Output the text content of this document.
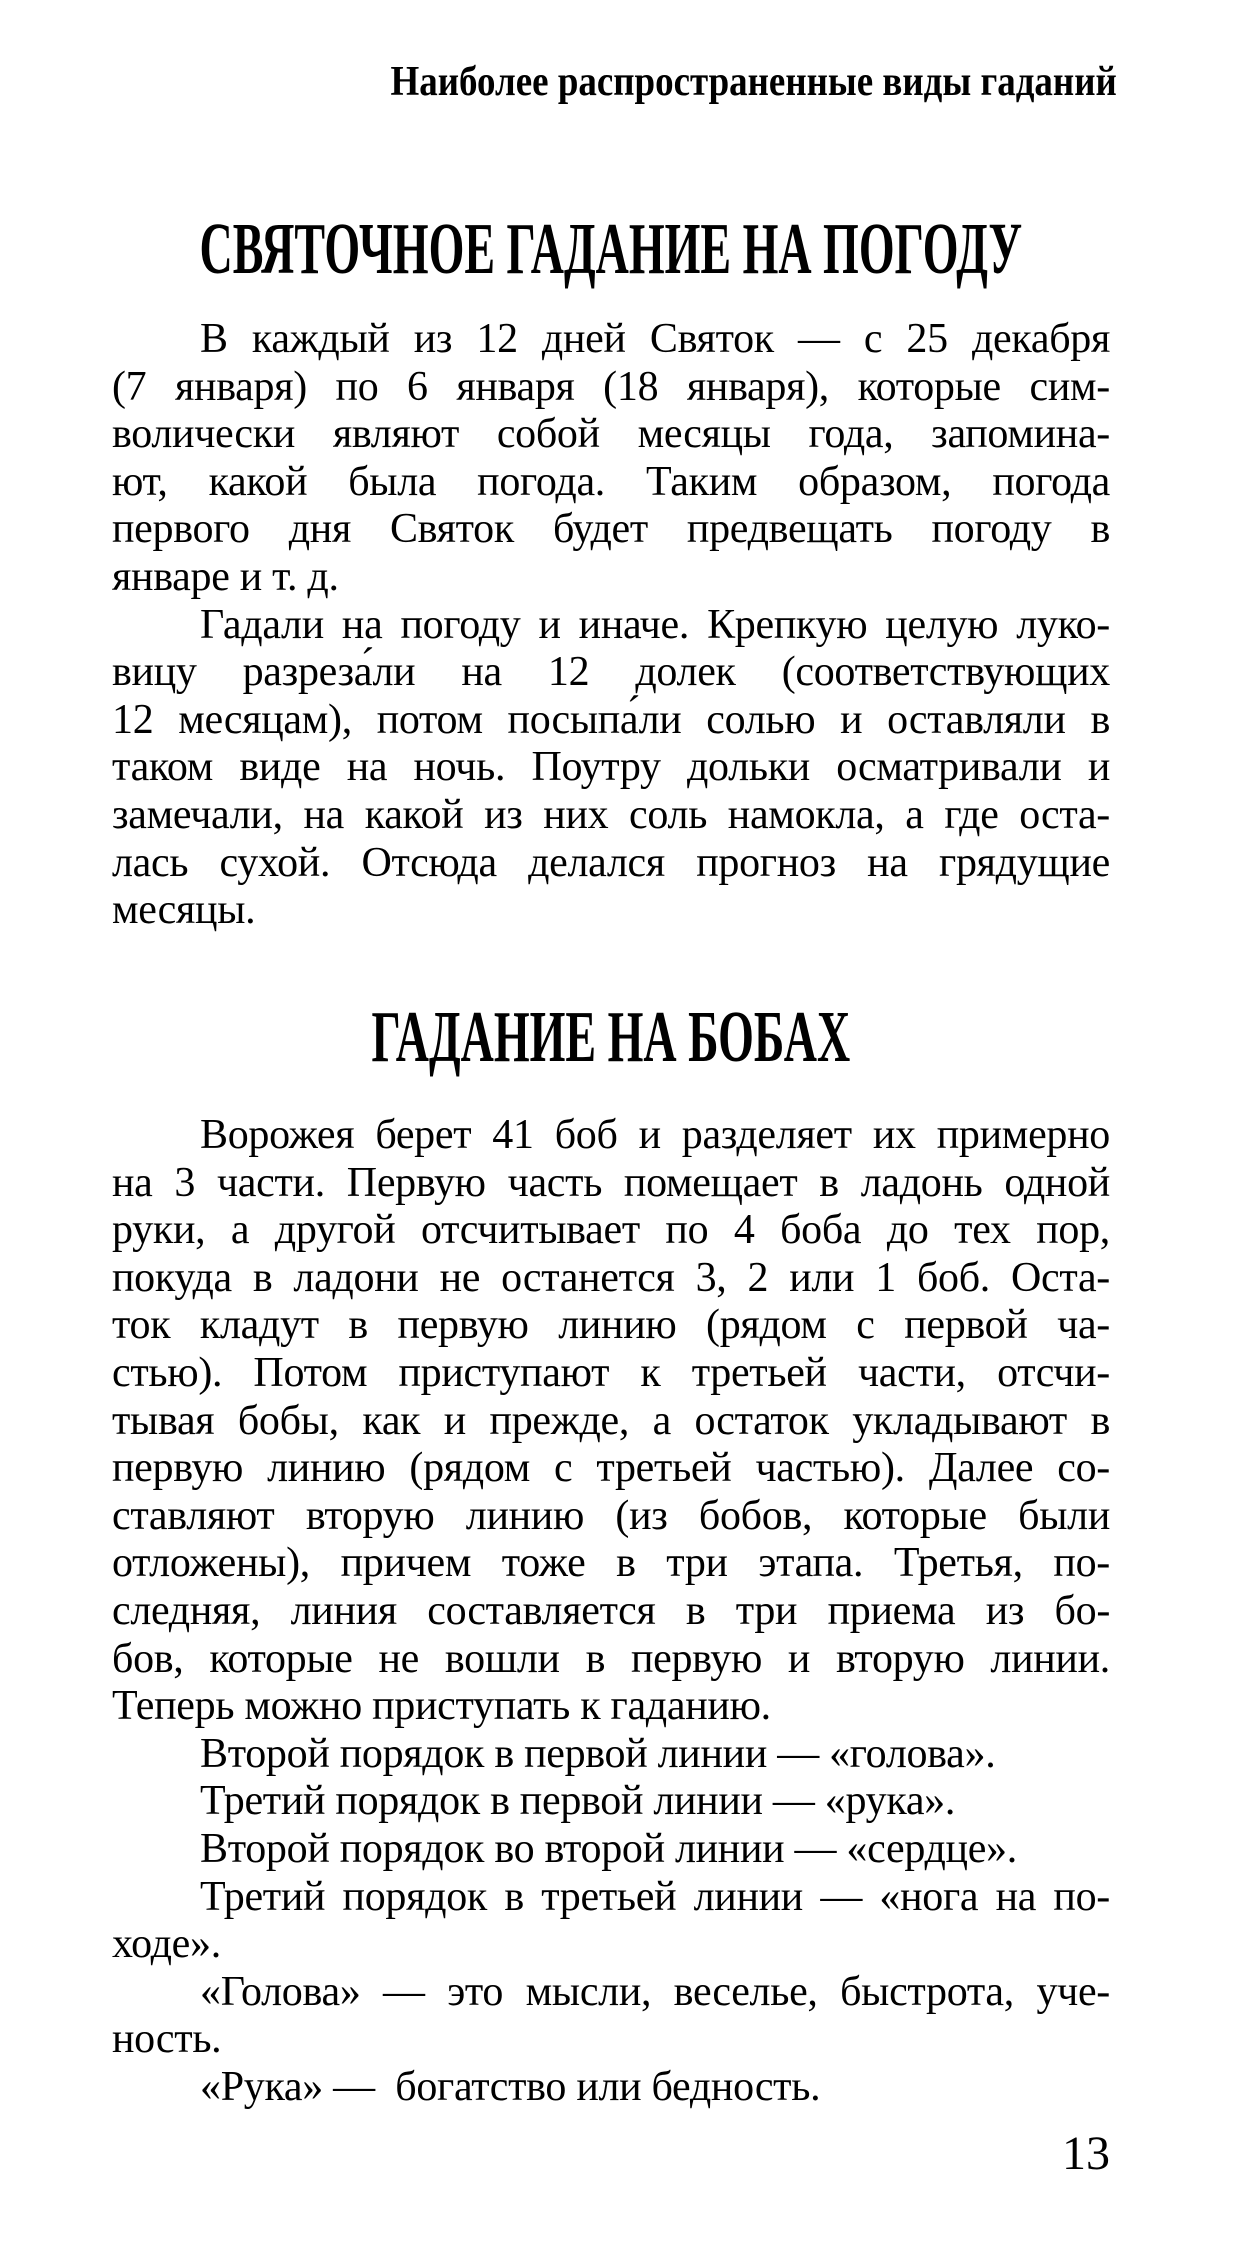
Наиболее распространенные виды гаданий
СВЯТОЧНОЕ ГАДАНИЕ НА ПОГОДУ
В каждый из 12 дней Святок — с 25 декабря
(7 января) по 6 января (18 января), которые сим-
волически являют собой месяцы года, запомина-
ют, какой была погода. Таким образом, погода
первого дня Святок будет предвещать погоду в
январе и т. д.
Гадали на погоду и иначе. Крепкую целую луко-
вицу разреза́ли на 12 долек (соответствующих
12 месяцам), потом посыпа́ли солью и оставляли в
таком виде на ночь. Поутру дольки осматривали и
замечали, на какой из них соль намокла, а где оста-
лась сухой. Отсюда делался прогноз на грядущие
месяцы.
ГАДАНИЕ НА БОБАХ
Ворожея берет 41 боб и разделяет их примерно
на 3 части. Первую часть помещает в ладонь одной
руки, а другой отсчитывает по 4 боба до тех пор,
покуда в ладони не останется 3, 2 или 1 боб. Оста-
ток кладут в первую линию (рядом с первой ча-
стью). Потом приступают к третьей части, отсчи-
тывая бобы, как и прежде, а остаток укладывают в
первую линию (рядом с третьей частью). Далее со-
ставляют вторую линию (из бобов, которые были
отложены), причем тоже в три этапа. Третья, по-
следняя, линия составляется в три приема из бо-
бов, которые не вошли в первую и вторую линии.
Теперь можно приступать к гаданию.
Второй порядок в первой линии — «голова».
Третий порядок в первой линии — «рука».
Второй порядок во второй линии — «сердце».
Третий порядок в третьей линии — «нога на по-
ходе».
«Голова» — это мысли, веселье, быстрота, уче-
ность.
«Рука» —  богатство или бедность.
13
